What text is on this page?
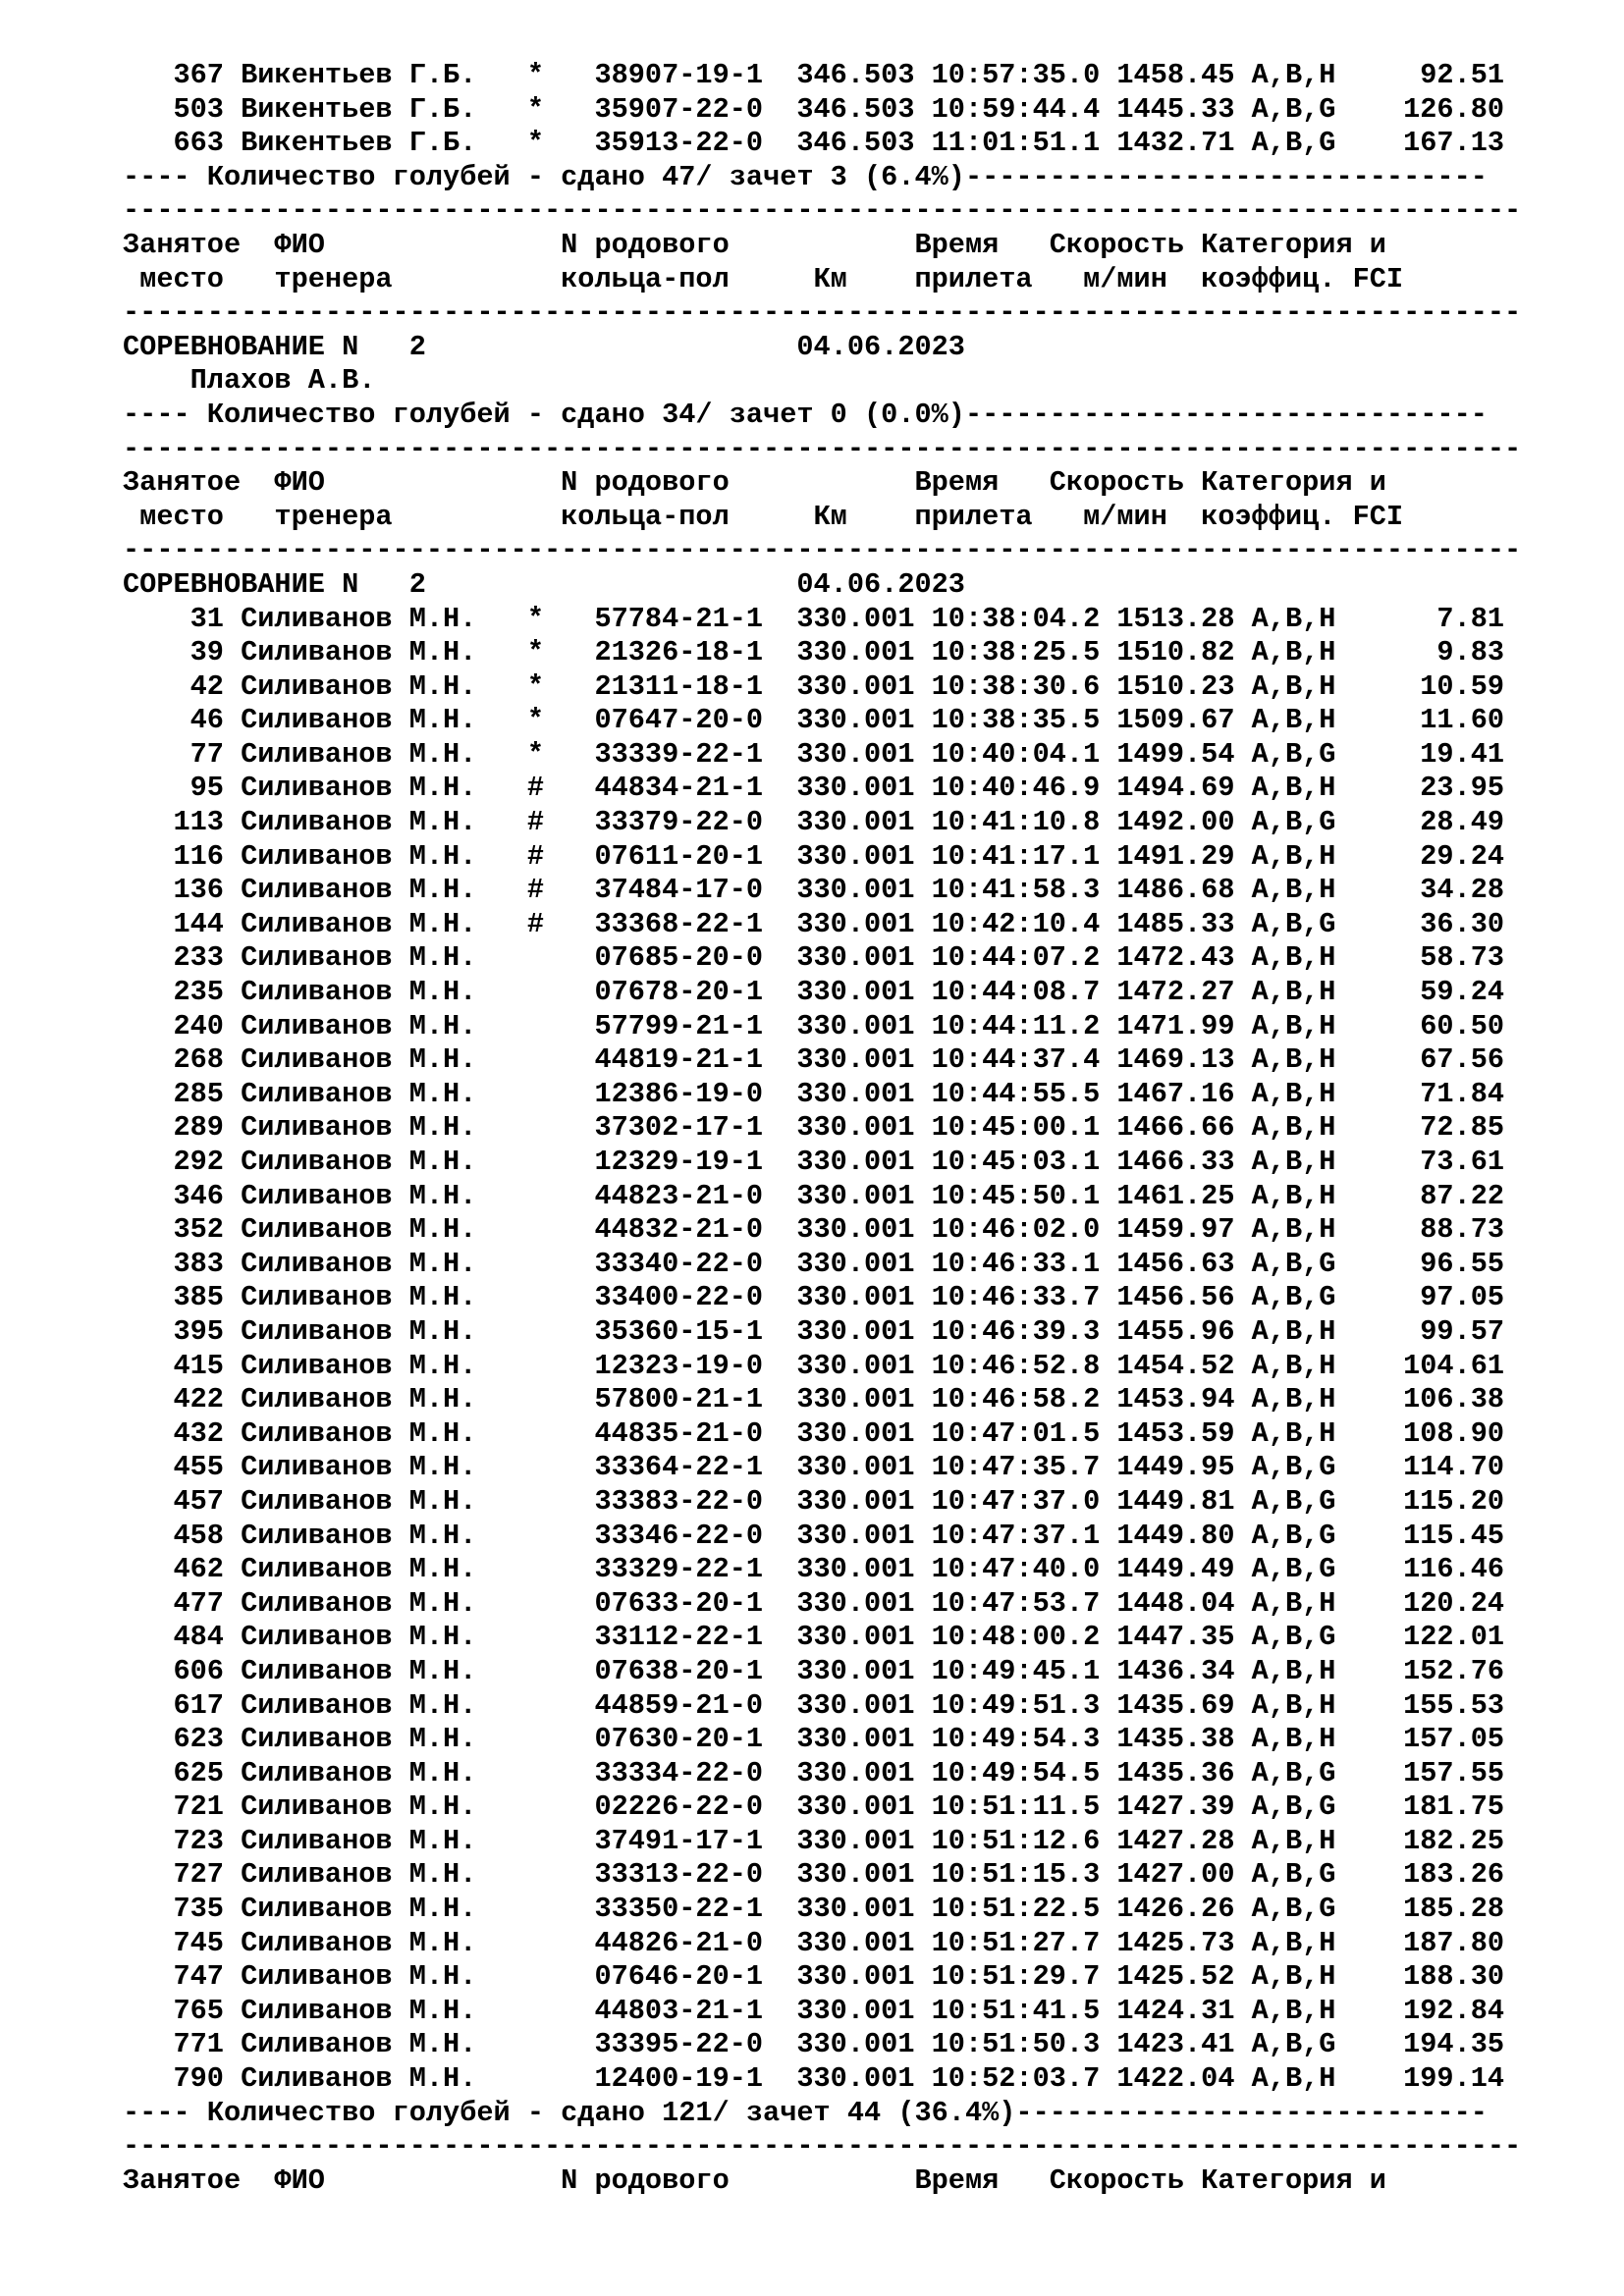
367 Викентьев Г.Б.   *   38907-19-1  346.503 10:57:35.0 1458.45 A,B,H     92.51
503 Викентьев Г.Б.   *   35907-22-0  346.503 10:59:44.4 1445.33 A,B,G    126.80
663 Викентьев Г.Б.   *   35913-22-0  346.503 11:01:51.1 1432.71 A,B,G    167.13
---- Количество голубей - сдано 47/ зачет 3 (6.4%)-------------------------------
-----------------------------------------------------------------------------------
Занятое  ФИО              N родового           Время   Скорость Категория и
место   тренера          кольца-пол     Км    прилета   м/мин  коэффиц. FCI
-----------------------------------------------------------------------------------
СОРЕВНОВАНИЕ N   2                      04.06.2023
Плахов А.В.
---- Количество голубей - сдано 34/ зачет 0 (0.0%)-------------------------------
-----------------------------------------------------------------------------------
Занятое  ФИО              N родового           Время   Скорость Категория и
место   тренера          кольца-пол     Км    прилета   м/мин  коэффиц. FCI
-----------------------------------------------------------------------------------
СОРЕВНОВАНИЕ N   2                      04.06.2023
31 Силиванов М.Н.   *   57784-21-1  330.001 10:38:04.2 1513.28 A,B,H      7.81
39 Силиванов М.Н.   *   21326-18-1  330.001 10:38:25.5 1510.82 A,B,H      9.83
42 Силиванов М.Н.   *   21311-18-1  330.001 10:38:30.6 1510.23 A,B,H     10.59
46 Силиванов М.Н.   *   07647-20-0  330.001 10:38:35.5 1509.67 A,B,H     11.60
77 Силиванов М.Н.   *   33339-22-1  330.001 10:40:04.1 1499.54 A,B,G     19.41
95 Силиванов М.Н.   #   44834-21-1  330.001 10:40:46.9 1494.69 A,B,H     23.95
113 Силиванов М.Н.   #   33379-22-0  330.001 10:41:10.8 1492.00 A,B,G     28.49
116 Силиванов М.Н.   #   07611-20-1  330.001 10:41:17.1 1491.29 A,B,H     29.24
136 Силиванов М.Н.   #   37484-17-0  330.001 10:41:58.3 1486.68 A,B,H     34.28
144 Силиванов М.Н.   #   33368-22-1  330.001 10:42:10.4 1485.33 A,B,G     36.30
233 Силиванов М.Н.       07685-20-0  330.001 10:44:07.2 1472.43 A,B,H     58.73
235 Силиванов М.Н.       07678-20-1  330.001 10:44:08.7 1472.27 A,B,H     59.24
240 Силиванов М.Н.       57799-21-1  330.001 10:44:11.2 1471.99 A,B,H     60.50
268 Силиванов М.Н.       44819-21-1  330.001 10:44:37.4 1469.13 A,B,H     67.56
285 Силиванов М.Н.       12386-19-0  330.001 10:44:55.5 1467.16 A,B,H     71.84
289 Силиванов М.Н.       37302-17-1  330.001 10:45:00.1 1466.66 A,B,H     72.85
292 Силиванов М.Н.       12329-19-1  330.001 10:45:03.1 1466.33 A,B,H     73.61
346 Силиванов М.Н.       44823-21-0  330.001 10:45:50.1 1461.25 A,B,H     87.22
352 Силиванов М.Н.       44832-21-0  330.001 10:46:02.0 1459.97 A,B,H     88.73
383 Силиванов М.Н.       33340-22-0  330.001 10:46:33.1 1456.63 A,B,G     96.55
385 Силиванов М.Н.       33400-22-0  330.001 10:46:33.7 1456.56 A,B,G     97.05
395 Силиванов М.Н.       35360-15-1  330.001 10:46:39.3 1455.96 A,B,H     99.57
415 Силиванов М.Н.       12323-19-0  330.001 10:46:52.8 1454.52 A,B,H    104.61
422 Силиванов М.Н.       57800-21-1  330.001 10:46:58.2 1453.94 A,B,H    106.38
432 Силиванов М.Н.       44835-21-0  330.001 10:47:01.5 1453.59 A,B,H    108.90
455 Силиванов М.Н.       33364-22-1  330.001 10:47:35.7 1449.95 A,B,G    114.70
457 Силиванов М.Н.       33383-22-0  330.001 10:47:37.0 1449.81 A,B,G    115.20
458 Силиванов М.Н.       33346-22-0  330.001 10:47:37.1 1449.80 A,B,G    115.45
462 Силиванов М.Н.       33329-22-1  330.001 10:47:40.0 1449.49 A,B,G    116.46
477 Силиванов М.Н.       07633-20-1  330.001 10:47:53.7 1448.04 A,B,H    120.24
484 Силиванов М.Н.       33112-22-1  330.001 10:48:00.2 1447.35 A,B,G    122.01
606 Силиванов М.Н.       07638-20-1  330.001 10:49:45.1 1436.34 A,B,H    152.76
617 Силиванов М.Н.       44859-21-0  330.001 10:49:51.3 1435.69 A,B,H    155.53
623 Силиванов М.Н.       07630-20-1  330.001 10:49:54.3 1435.38 A,B,H    157.05
625 Силиванов М.Н.       33334-22-0  330.001 10:49:54.5 1435.36 A,B,G    157.55
721 Силиванов М.Н.       02226-22-0  330.001 10:51:11.5 1427.39 A,B,G    181.75
723 Силиванов М.Н.       37491-17-1  330.001 10:51:12.6 1427.28 A,B,H    182.25
727 Силиванов М.Н.       33313-22-0  330.001 10:51:15.3 1427.00 A,B,G    183.26
735 Силиванов М.Н.       33350-22-1  330.001 10:51:22.5 1426.26 A,B,G    185.28
745 Силиванов М.Н.       44826-21-0  330.001 10:51:27.7 1425.73 A,B,H    187.80
747 Силиванов М.Н.       07646-20-1  330.001 10:51:29.7 1425.52 A,B,H    188.30
765 Силиванов М.Н.       44803-21-1  330.001 10:51:41.5 1424.31 A,B,H    192.84
771 Силиванов М.Н.       33395-22-0  330.001 10:51:50.3 1423.41 A,B,G    194.35
790 Силиванов М.Н.       12400-19-1  330.001 10:52:03.7 1422.04 A,B,H    199.14
---- Количество голубей - сдано 121/ зачет 44 (36.4%)----------------------------
-----------------------------------------------------------------------------------
Занятое  ФИО              N родового           Время   Скорость Категория и
